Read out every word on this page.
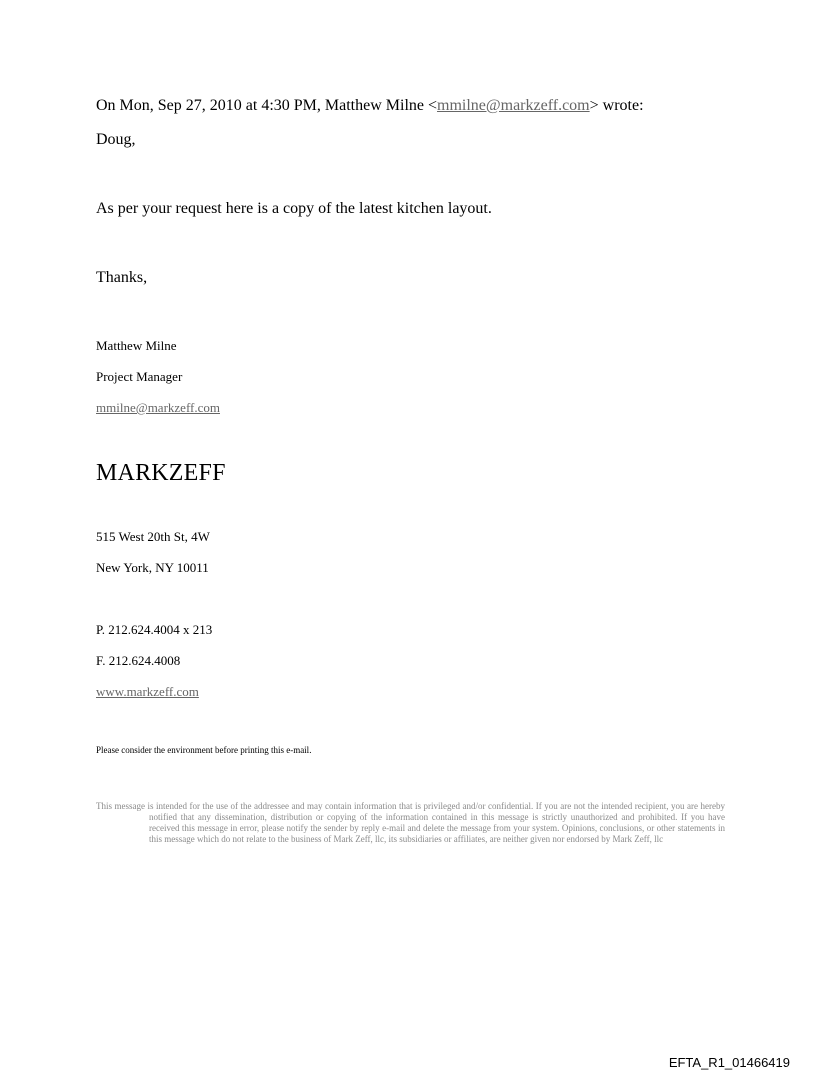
On Mon, Sep 27, 2010 at 4:30 PM, Matthew Milne <mmilne@markzeff.com> wrote:
Doug,
As per your request here is a copy of the latest kitchen layout.
Thanks,
Matthew Milne
Project Manager
mmilne@markzeff.com
MARKZEFF
515 West 20th St, 4W
New York, NY 10011
P. 212.624.4004 x 213
F. 212.624.4008
www.markzeff.com
Please consider the environment before printing this e-mail.
This message is intended for the use of the addressee and may contain information that is privileged and/or confidential. If you are not the intended recipient, you are hereby notified that any dissemination, distribution or copying of the information contained in this message is strictly unauthorized and prohibited. If you have received this message in error, please notify the sender by reply e-mail and delete the message from your system. Opinions, conclusions, or other statements in this message which do not relate to the business of Mark Zeff, llc, its subsidiaries or affiliates, are neither given nor endorsed by Mark Zeff, llc
EFTA_R1_01466419
